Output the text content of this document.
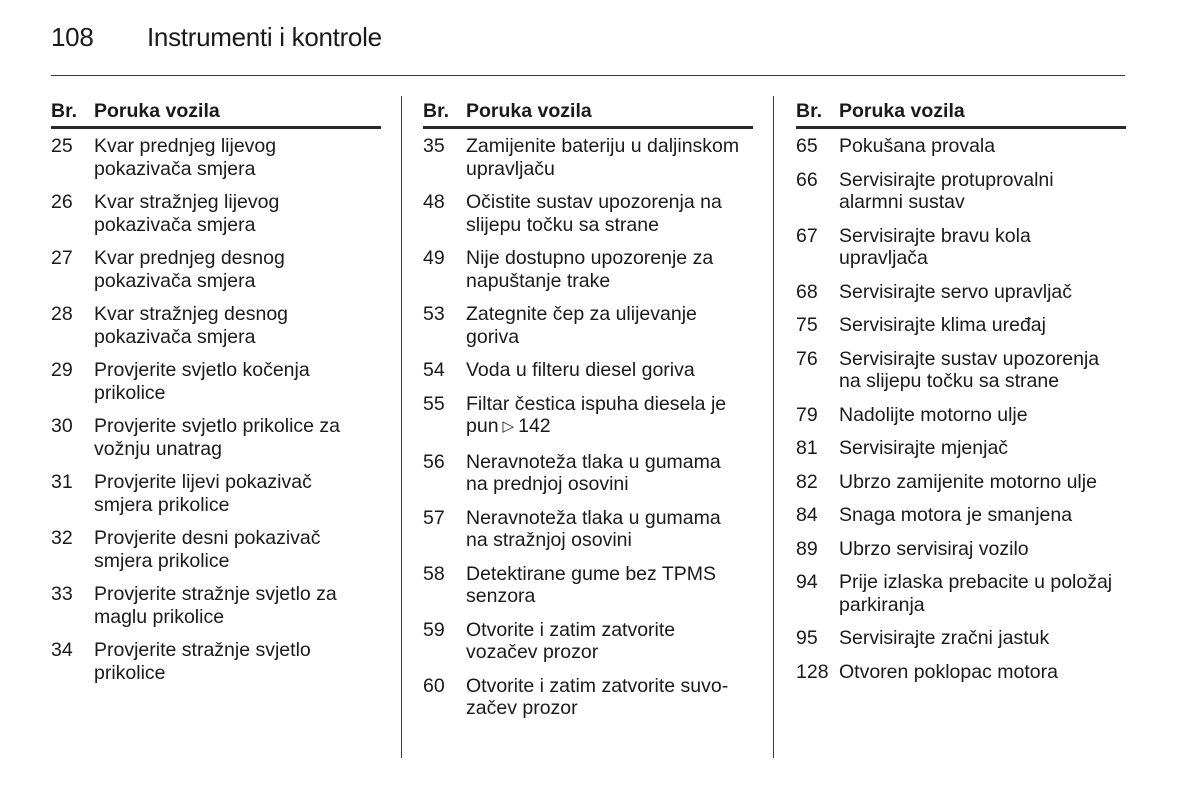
108	Instrumenti i kontrole
Br. Poruka vozila
25	Kvar prednjeg lijevog
pokazivača smjera
26	Kvar stražnjeg lijevog
pokazivača smjera
27	Kvar prednjeg desnog
pokazivača smjera
28	Kvar stražnjeg desnog
pokazivača smjera
29	Provjerite svjetlo kočenja
prikolice
30	Provjerite svjetlo prikolice za
vožnju unatrag
31	Provjerite lijevi pokazivač
smjera prikolice
32	Provjerite desni pokazivač
smjera prikolice
33	Provjerite stražnje svjetlo za
maglu prikolice
34	Provjerite stražnje svjetlo
prikolice
Br. Poruka vozila
35	Zamijenite bateriju u daljinskom
upravljaču
48	Očistite sustav upozorenja na
slijepu točku sa strane
49	Nije dostupno upozorenje za
napuštanje trake
53	Zategnite čep za ulijevanje
goriva
54	Voda u filteru diesel goriva
55	Filtar čestica ispuha diesela je
pun ▷ 142
56	Neravnoteža tlaka u gumama
na prednjoj osovini
57	Neravnoteža tlaka u gumama
na stražnjoj osovini
58	Detektirane gume bez TPMS
senzora
59	Otvorite i zatim zatvorite
vozačev prozor
60	Otvorite i zatim zatvorite suvo-
začev prozor
Br. Poruka vozila
65	Pokušana provala
66	Servisirajte protuprovalni
alarmni sustav
67	Servisirajte bravu kola
upravljača
68	Servisirajte servo upravljač
75	Servisirajte klima uređaj
76	Servisirajte sustav upozorenja
na slijepu točku sa strane
79	Nadolijte motorno ulje
81	Servisirajte mjenjač
82	Ubrzo zamijenite motorno ulje
84	Snaga motora je smanjena
89	Ubrzo servisiraj vozilo
94	Prije izlaska prebacite u položaj
parkiranja
95	Servisirajte zračni jastuk
128 Otvoren poklopac motora
